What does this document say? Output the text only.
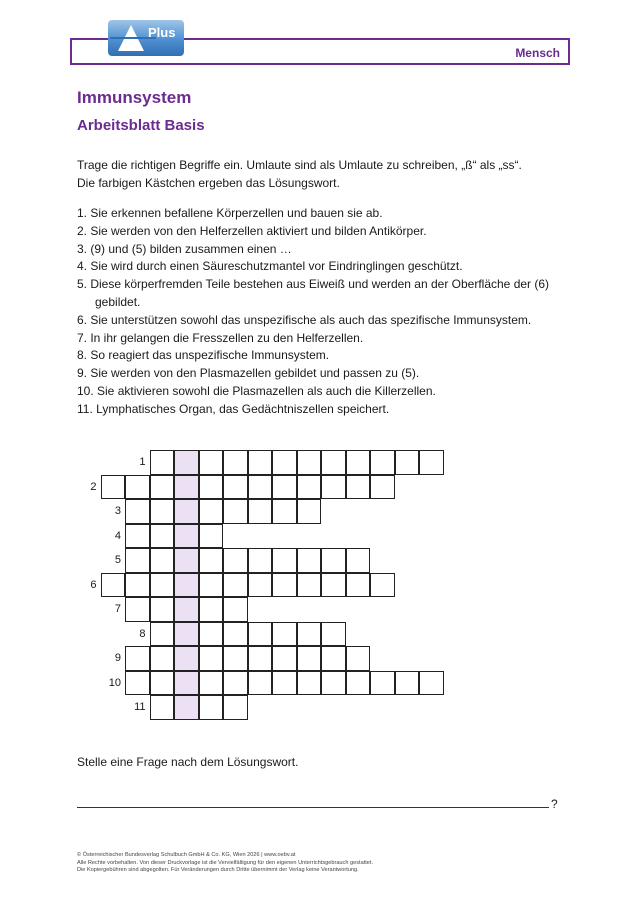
Mensch
Plus
Immunsystem
Arbeitsblatt Basis
Trage die richtigen Begriffe ein. Umlaute sind als Umlaute zu schreiben, „ß“ als „ss“.
Die farbigen Kästchen ergeben das Lösungswort.
1. Sie erkennen befallene Körperzellen und bauen sie ab.
2. Sie werden von den Helferzellen aktiviert und bilden Antikörper.
3. (9) und (5) bilden zusammen einen …
4. Sie wird durch einen Säureschutzmantel vor Eindringlingen geschützt.
5. Diese körperfremden Teile bestehen aus Eiweiß und werden an der Oberfläche der (6) gebildet.
6. Sie unterstützen sowohl das unspezifische als auch das spezifische Immunsystem.
7. In ihr gelangen die Fresszellen zu den Helferzellen.
8. So reagiert das unspezifische Immunsystem.
9. Sie werden von den Plasmazellen gebildet und passen zu (5).
10. Sie aktivieren sowohl die Plasmazellen als auch die Killerzellen.
11. Lymphatisches Organ, das Gedächtniszellen speichert.
1
2
3
4
5
6
7
8
9
10
11
Stelle eine Frage nach dem Lösungswort.
?
© Österreichischer Bundesverlag Schulbuch GmbH & Co. KG, Wien 2026 | www.oebv.at
Alle Rechte vorbehalten. Von dieser Druckvorlage ist die Vervielfältigung für den eigenen Unterrichtsgebrauch gestattet.
Die Kopiergebühren sind abgegolten. Für Veränderungen durch Dritte übernimmt der Verlag keine Verantwortung.
